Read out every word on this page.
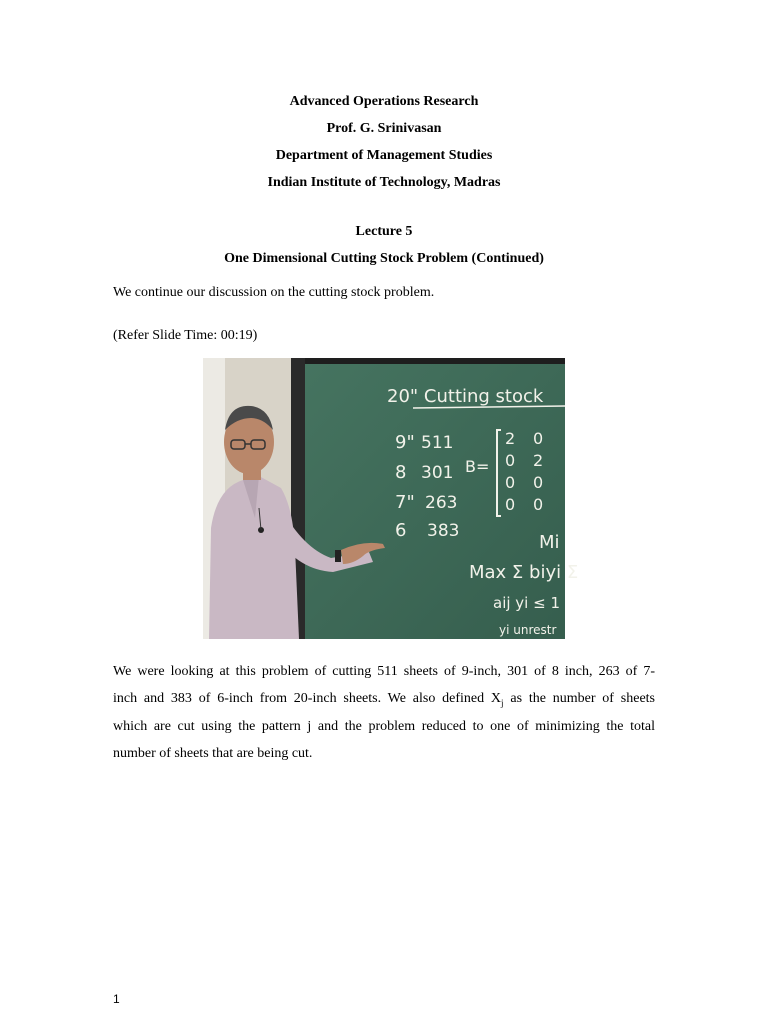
Advanced Operations Research
Prof. G. Srinivasan
Department of Management Studies
Indian Institute of Technology, Madras
Lecture 5
One Dimensional Cutting Stock Problem (Continued)
We continue our discussion on the cutting stock problem.
(Refer Slide Time: 00:19)
20" Cutting stock
9"
8
7"
6
511
301
263
383
B=
2 0
0 2
0 0
0 0
Mi
Max Σ biyi Σ
aij yi ≤ 1
yi unrestr
We were looking at this problem of cutting 511 sheets of 9-inch, 301 of 8 inch, 263 of 7-
inch and 383 of 6-inch from 20-inch sheets. We also defined $X_j$ as the number of sheets
which are cut using the pattern j and the problem reduced to one of minimizing the total
number of sheets that are being cut.
1
